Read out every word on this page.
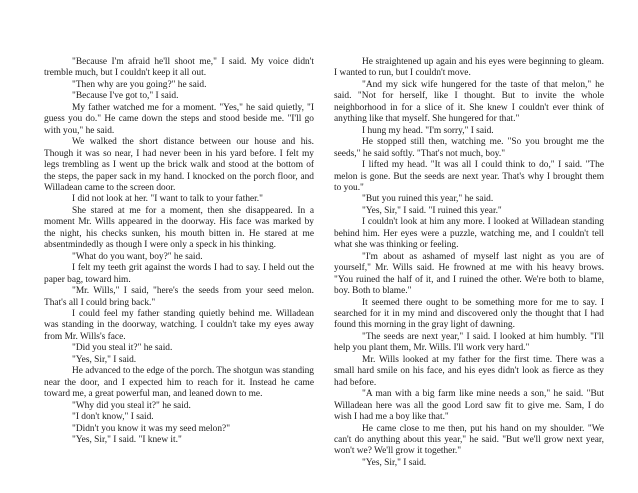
"Because I'm afraid he'll shoot me," I said. My voice didn't tremble much, but I couldn't keep it all out.

"Then why are you going?" he said.

"Because I've got to," I said.

My father watched me for a moment. "Yes," he said quietly, "I guess you do." He came down the steps and stood beside me. "I'll go with you," he said.

We walked the short distance between our house and his. Though it was so near, I had never been in his yard before. I felt my legs trembling as I went up the brick walk and stood at the bottom of the steps, the paper sack in my hand. I knocked on the porch floor, and Willadean came to the screen door.

I did not look at her. "I want to talk to your father."

She stared at me for a moment, then she disappeared. In a moment Mr. Wills appeared in the doorway. His face was marked by the night, his checks sunken, his mouth bitten in. He stared at me absentmindedly as though I were only a speck in his thinking.

"What do you want, boy?" he said.

I felt my teeth grit against the words I had to say. I held out the paper bag, toward him.

"Mr. Wills," I said, "here's the seeds from your seed melon. That's all I could bring back."

I could feel my father standing quietly behind me. Willadean was standing in the doorway, watching. I couldn't take my eyes away from Mr. Wills's face.

"Did you steal it?" he said.

"Yes, Sir," I said.

He advanced to the edge of the porch. The shotgun was standing near the door, and I expected him to reach for it. Instead he came toward me, a great powerful man, and leaned down to me.

"Why did you steal it?" he said.

"I don't know," I said.

"Didn't you know it was my seed melon?"

"Yes, Sir," I said. "I knew it."

He straightened up again and his eyes were beginning to gleam. I wanted to run, but I couldn't move.

"And my sick wife hungered for the taste of that melon," he said. "Not for herself, like I thought. But to invite the whole neighborhood in for a slice of it. She knew I couldn't ever think of anything like that myself. She hungered for that."

I hung my head. "I'm sorry," I said.

He stopped still then, watching me. "So you brought me the seeds," he said softly. "That's not much, boy."

I lifted my head. "It was all I could think to do," I said. "The melon is gone. But the seeds are next year. That's why I brought them to you."

"But you ruined this year," he said.

"Yes, Sir," I said. "I ruined this year."

I couldn't look at him any more. I looked at Willadean standing behind him. Her eyes were a puzzle, watching me, and I couldn't tell what she was thinking or feeling.

"I'm about as ashamed of myself last night as you are of yourself," Mr. Wills said. He frowned at me with his heavy brows. "You ruined the half of it, and I ruined the other. We're both to blame, boy. Both to blame."

It seemed there ought to be something more for me to say. I searched for it in my mind and discovered only the thought that I had found this morning in the gray light of dawning.

"The seeds are next year," I said. I looked at him humbly. "I'll help you plant them, Mr. Wills. I'll work very hard."

Mr. Wills looked at my father for the first time. There was a small hard smile on his face, and his eyes didn't look as fierce as they had before.

"A man with a big farm like mine needs a son," he said. "But Willadean here was all the good Lord saw fit to give me. Sam, I do wish I had me a boy like that."

He came close to me then, put his hand on my shoulder. "We can't do anything about this year," he said. "But we'll grow next year, won't we? We'll grow it together."

"Yes, Sir," I said.
